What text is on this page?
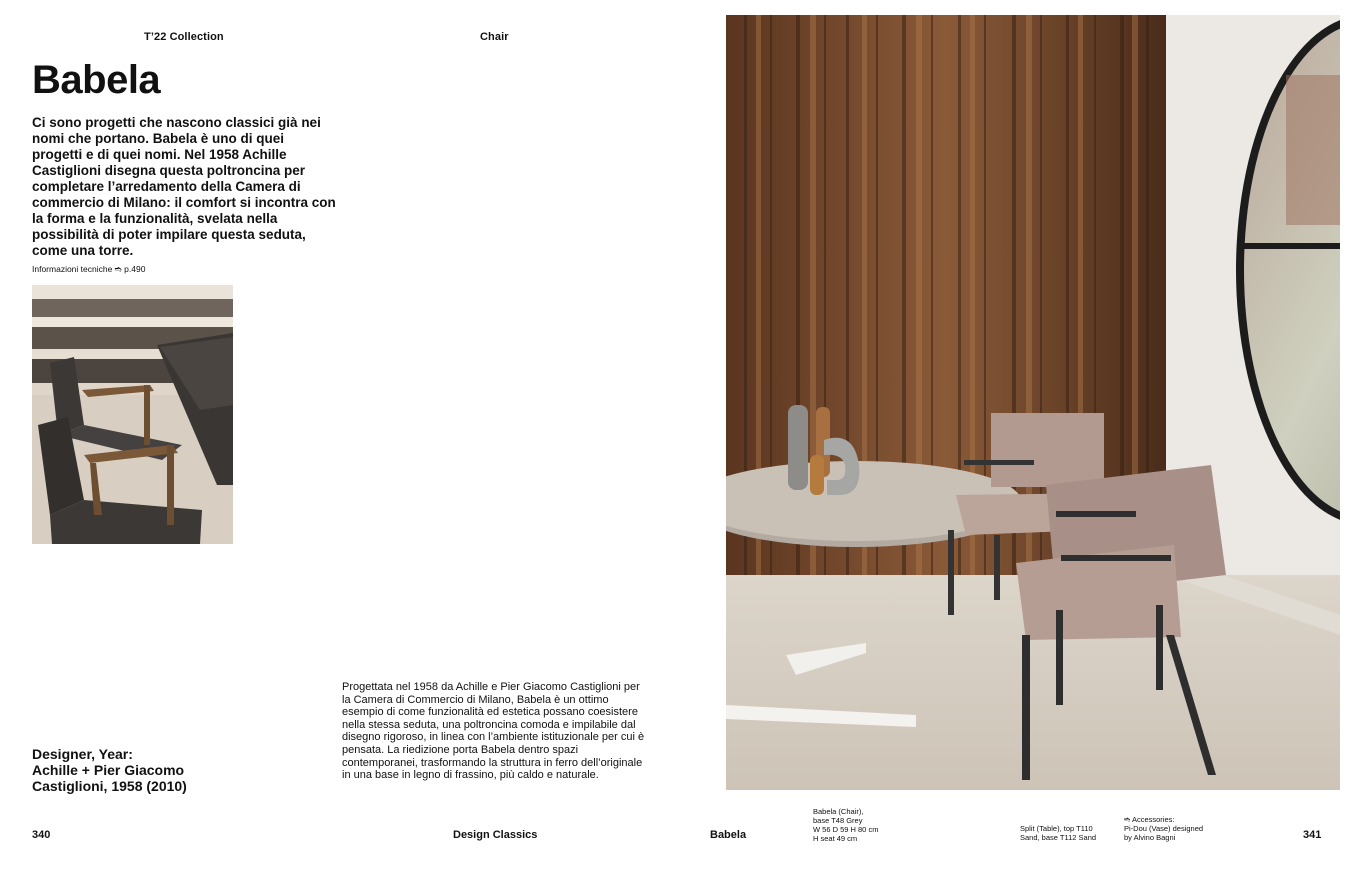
T’22 Collection	Chair
Babela
Ci sono progetti che nascono classici già nei nomi che portano. Babela è uno di quei progetti e di quei nomi. Nel 1958 Achille Castiglioni disegna questa poltroncina per completare l’arredamento della Camera di commercio di Milano: il comfort si incontra con la forma e la funzionalità, svelata nella possibilità di poter impilare questa seduta, come una torre.
Informazioni tecniche ➬ p.490
Progettata nel 1958 da Achille e Pier Giacomo Castiglioni per la Camera di Commercio di Milano, Babela è un ottimo esempio di come funzionalità ed estetica possano coesistere nella stessa seduta, una poltroncina comoda e impilabile dal disegno rigoroso, in linea con l’ambiente istituzionale per cui è pensata. La riedizione porta Babela dentro spazi contemporanei, trasformando la struttura in ferro dell’originale in una base in legno di frassino, più caldo e naturale.
Designer, Year:
Achille + Pier Giacomo
Castiglioni, 1958 (2010)
Babela (Chair),
base T48 Grey
W 56 D 59 H 80 cm
H seat 49 cm
Split (Table), top T110
Sand, base T112 Sand
➬ Accessories:
Pi-Dou (Vase) designed
by Alvino Bagni
340	Design Classics	Babela	341
